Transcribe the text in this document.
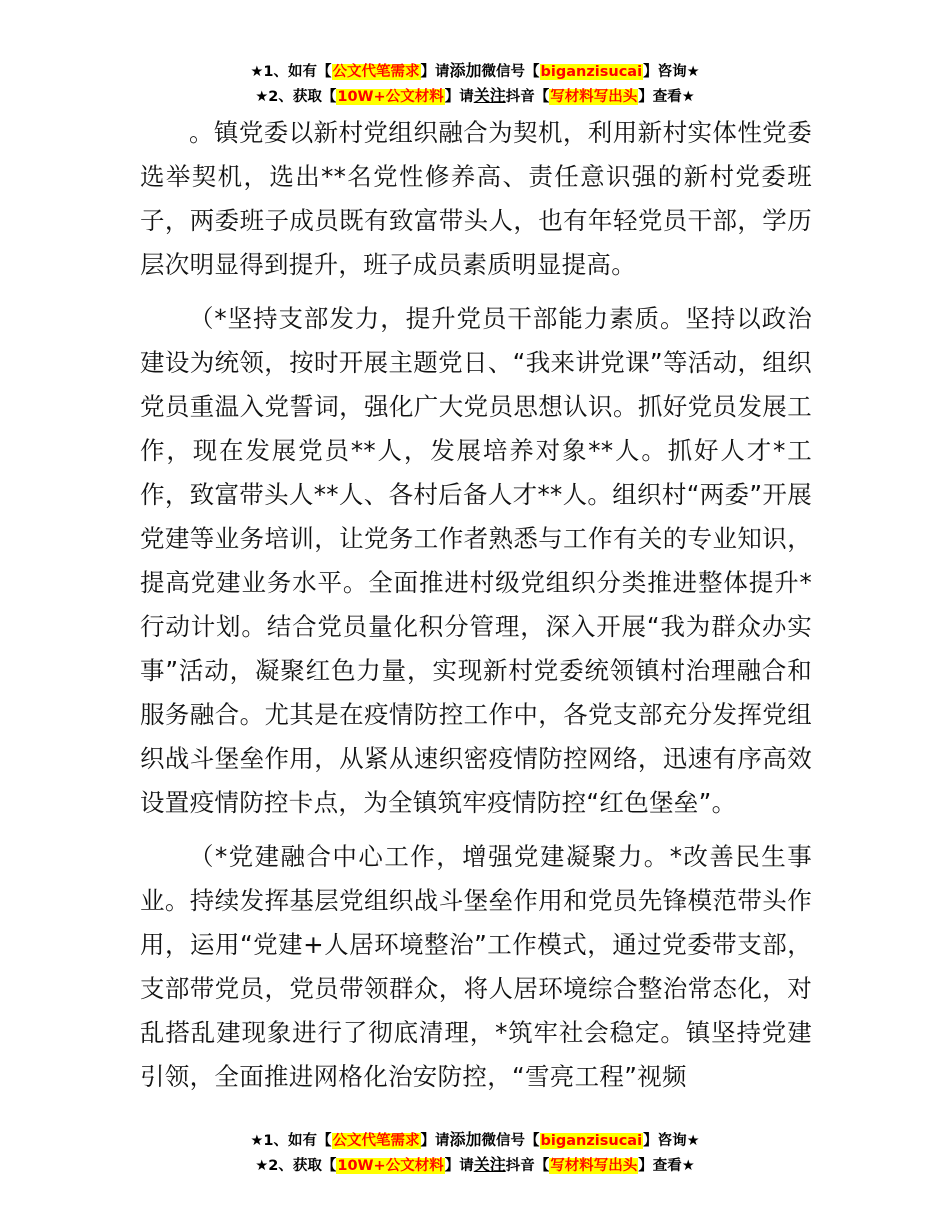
★1、如有【公文代笔需求】请添加微信号【biganzisucai】咨询★
★2、获取【10W+公文材料】请关注抖音【写材料写出头】查看★

。镇党委以新村党组织融合为契机，利用新村实体性党委选举契机，选出**名党性修养高、责任意识强的新村党委班子，两委班子成员既有致富带头人，也有年轻党员干部，学历层次明显得到提升，班子成员素质明显提高。

（*坚持支部发力，提升党员干部能力素质。坚持以政治建设为统领，按时开展主题党日、“我来讲党课”等活动，组织党员重温入党誓词，强化广大党员思想认识。抓好党员发展工作，现在发展党员**人，发展培养对象**人。抓好人才*工作，致富带头人**人、各村后备人才**人。组织村“两委”开展党建等业务培训，让党务工作者熟悉与工作有关的专业知识，提高党建业务水平。全面推进村级党组织分类推进整体提升*行动计划。结合党员量化积分管理，深入开展“我为群众办实事”活动，凝聚红色力量，实现新村党委统领镇村治理融合和服务融合。尤其是在疫情防控工作中，各党支部充分发挥党组织战斗堡垒作用，从紧从速织密疫情防控网络，迅速有序高效设置疫情防控卡点，为全镇筑牢疫情防控“红色堡垒”。

（*党建融合中心工作，增强党建凝聚力。*改善民生事业。持续发挥基层党组织战斗堡垒作用和党员先锋模范带头作用，运用“党建+人居环境整治”工作模式，通过党委带支部，支部带党员，党员带领群众，将人居环境综合整治常态化，对乱搭乱建现象进行了彻底清理，*筑牢社会稳定。镇坚持党建引领，全面推进网格化治安防控，“雪亮工程”视频

★1、如有【公文代笔需求】请添加微信号【biganzisucai】咨询★
★2、获取【10W+公文材料】请关注抖音【写材料写出头】查看★
